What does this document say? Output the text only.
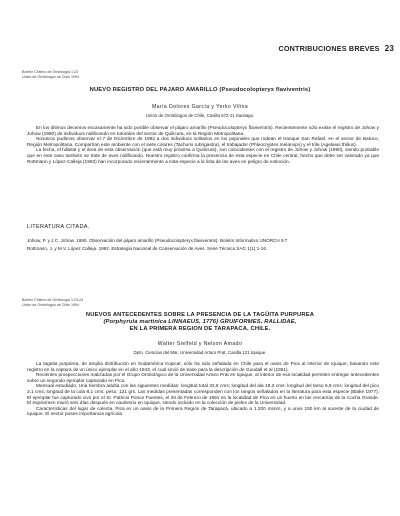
CONTRIBUCIONES BREVES 23
Boletín Chileno de Ornitología 1:23
Unión de Ornitólogos de Chile 1994
NUEVO REGISTRO DEL PAJARO AMARILLO (Pseudocolopteryx flaviventris)
María Dolores García y Yerko Vilina
Unión de Ornitólogos de Chile, Casilla 572-11 Santiago.

En los últimos decenios escasamente ha sido posible observar el pájaro amarillo (Pseudocolopteryx flaviventris). Recientemente sólo existe el registro de Johow y Johow (1990) de individuos nidificando en totorales del sector de Quilicura, en la Región Metropolitana.

Nosotros pudimos observar el 7 de Diciembre de 1992 a dos individuos solitarios en los pajonales que rodean el tranque San Rafael, en el sector de Batuco, Región Metropolitana. Compartían este ambiente con el siete colores (Tachuris rubrigastra), el trabajador (Phleocryptes melanops) y el trile (Agelaius thilius).

La fecha, el hábitat y el área de esta observación (que está muy próxima a Quilicura), son coincidentes con el registro de Johow y Johow (1990), siendo probable que en este caso también se trate de aves nidificando. Nuestro registro confirma la presencia de esta especie en Chile central, hecho que debe ser valorado ya que Rottmann y López-Calleja (1992) han incorporado recientemente a esta especie a la lista de las aves en peligro de extinción.

LITERATURA CITADA.

Johow, P. y J.C. Johow. 1990. Observación del pájaro amarillo (Pseudocolopteryx flaviventris). Boletín Informativo UNORCH 9:7

Rottmann, J. y M.V. López Calleja. 1992. Estrategia Nacional de Conservación de Aves. Serie Técnica SAG 1(1):1-16.

Boletín Chileno de Ornitología 1:23-24
Unión de Ornitólogos de Chile 1994
NUEVOS ANTECEDENTES SOBRE LA PRESENCIA DE LA TAGÜITA PURPUREA
(Porphyrula martinica LINNAEUS, 1776) GRUIFORMES, RALLIDAE,
EN LA PRIMERA REGION DE TARAPACA, CHILE.
Walter Sielfeld y Nelson Amado
Dpto. Ciencias del Mar, Universidad Arturo Prat, Casilla 121 Iquique.

La tagüita purpúrea, de amplia distribución en Sudamérica tropical, sólo ha sido señalada en Chile para el oasis de Pica al interior de Iquique, basando este registro en la captura de un único ejemplar en el año 1943, el cual sirvió de base para la descripción de Goodall et al (1951).

Recientes prospecciones realizadas por el Grupo Ornitológico de la Universidad Arturo Prat en Iquique, al interior de esa localidad permiten entregar antecedentes sobre un segundo ejemplar capturado en Pica.

Mensual estudiado. Una hembra adulta con las siguientes medidas: longitud total 32,8 cms; longitud del ala 18,3 cms; longitud del tarso 6,9 cms; longitud del pico 3,1 cms; longitud de la cola 8,1 cms; peso: 121 grs. Las medidas presentadas corresponden con los rangos señalados en la literatura para esta especie (Blake 1977). El ejemplar fue capturado vivo por el Sr. Patricio Ponce Fuentes, el 28 de Febrero de 1991 en la localidad de Pica en un huerto en las cercanías de la Cocha Grande. El espécimen murió seis días después en cautiverio en Iquique, siendo incluido en la colección de pieles de la Universidad.

Características del lugar de colecta. Pica es un oasis de la Primera Región de Tarapacá, ubicado a 1.200 msnm, y a unos 150 km al sureste de la ciudad de Iquique. El sector posee importancia agrícola
